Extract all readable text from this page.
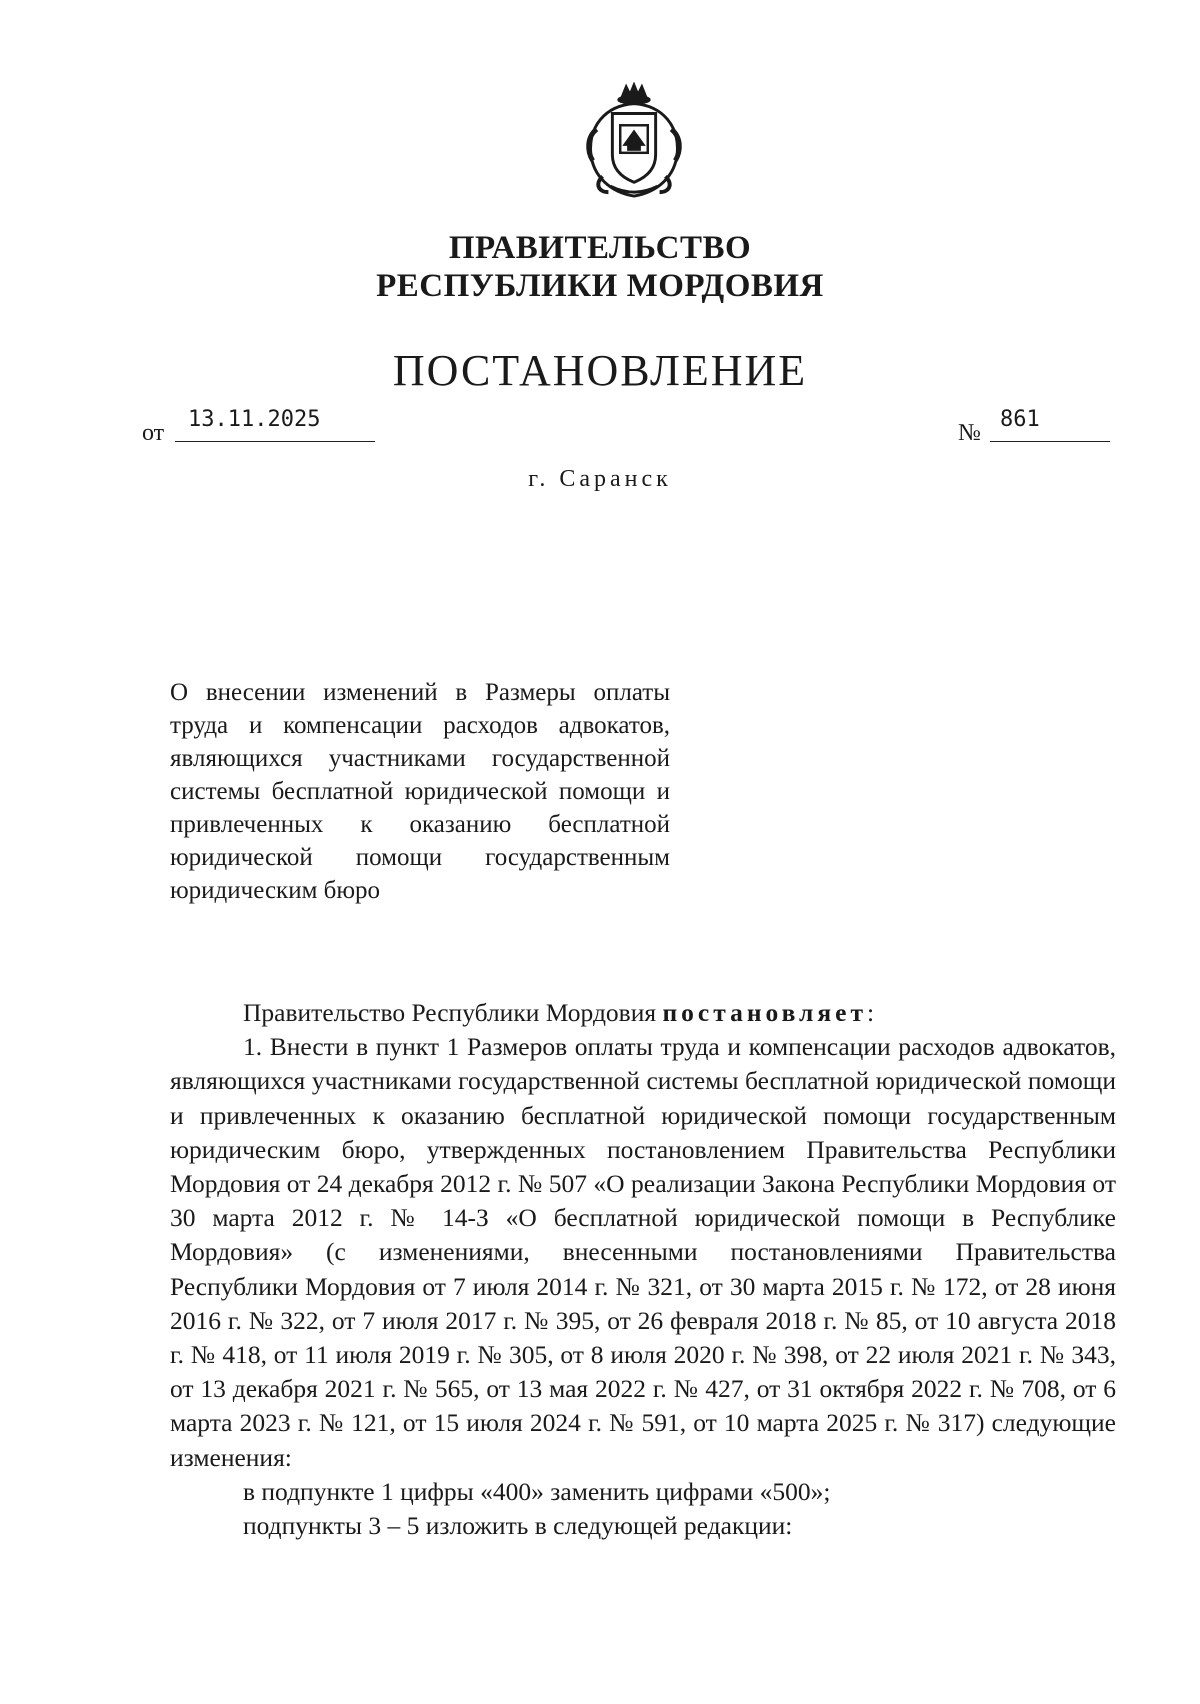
ПРАВИТЕЛЬСТВО
РЕСПУБЛИКИ МОРДОВИЯ
ПОСТАНОВЛЕНИЕ
от
13.11.2025
№
861
г. Саранск
О внесении изменений в Размеры оплаты труда и компенсации расходов адвокатов, являющихся участниками государственной системы бесплатной юридической помощи и привлеченных к оказанию бесплатной юридической помощи государственным юридическим бюро

Правительство Республики Мордовия постановляет:

1. Внести в пункт 1 Размеров оплаты труда и компенсации расходов адвокатов, являющихся участниками государственной системы бесплатной юридической помощи и привлеченных к оказанию бесплатной юридической помощи государственным юридическим бюро, утвержденных постановлением Правительства Республики Мордовия от 24 декабря 2012 г. № 507 «О реализации Закона Республики Мордовия от 30 марта 2012 г. № 14-З «О бесплатной юридической помощи в Республике Мордовия» (с изменениями, внесенными постановлениями Правительства Республики Мордовия от 7 июля 2014 г. № 321, от 30 марта 2015 г. № 172, от 28 июня 2016 г. № 322, от 7 июля 2017 г. № 395, от 26 февраля 2018 г. № 85, от 10 августа 2018 г. № 418, от 11 июля 2019 г. № 305, от 8 июля 2020 г. № 398, от 22 июля 2021 г. № 343, от 13 декабря 2021 г. № 565, от 13 мая 2022 г. № 427, от 31 октября 2022 г. № 708, от 6 марта 2023 г. № 121, от 15 июля 2024 г. № 591, от 10 марта 2025 г. № 317) следующие изменения:

в подпункте 1 цифры «400» заменить цифрами «500»;

подпункты 3 – 5 изложить в следующей редакции:
